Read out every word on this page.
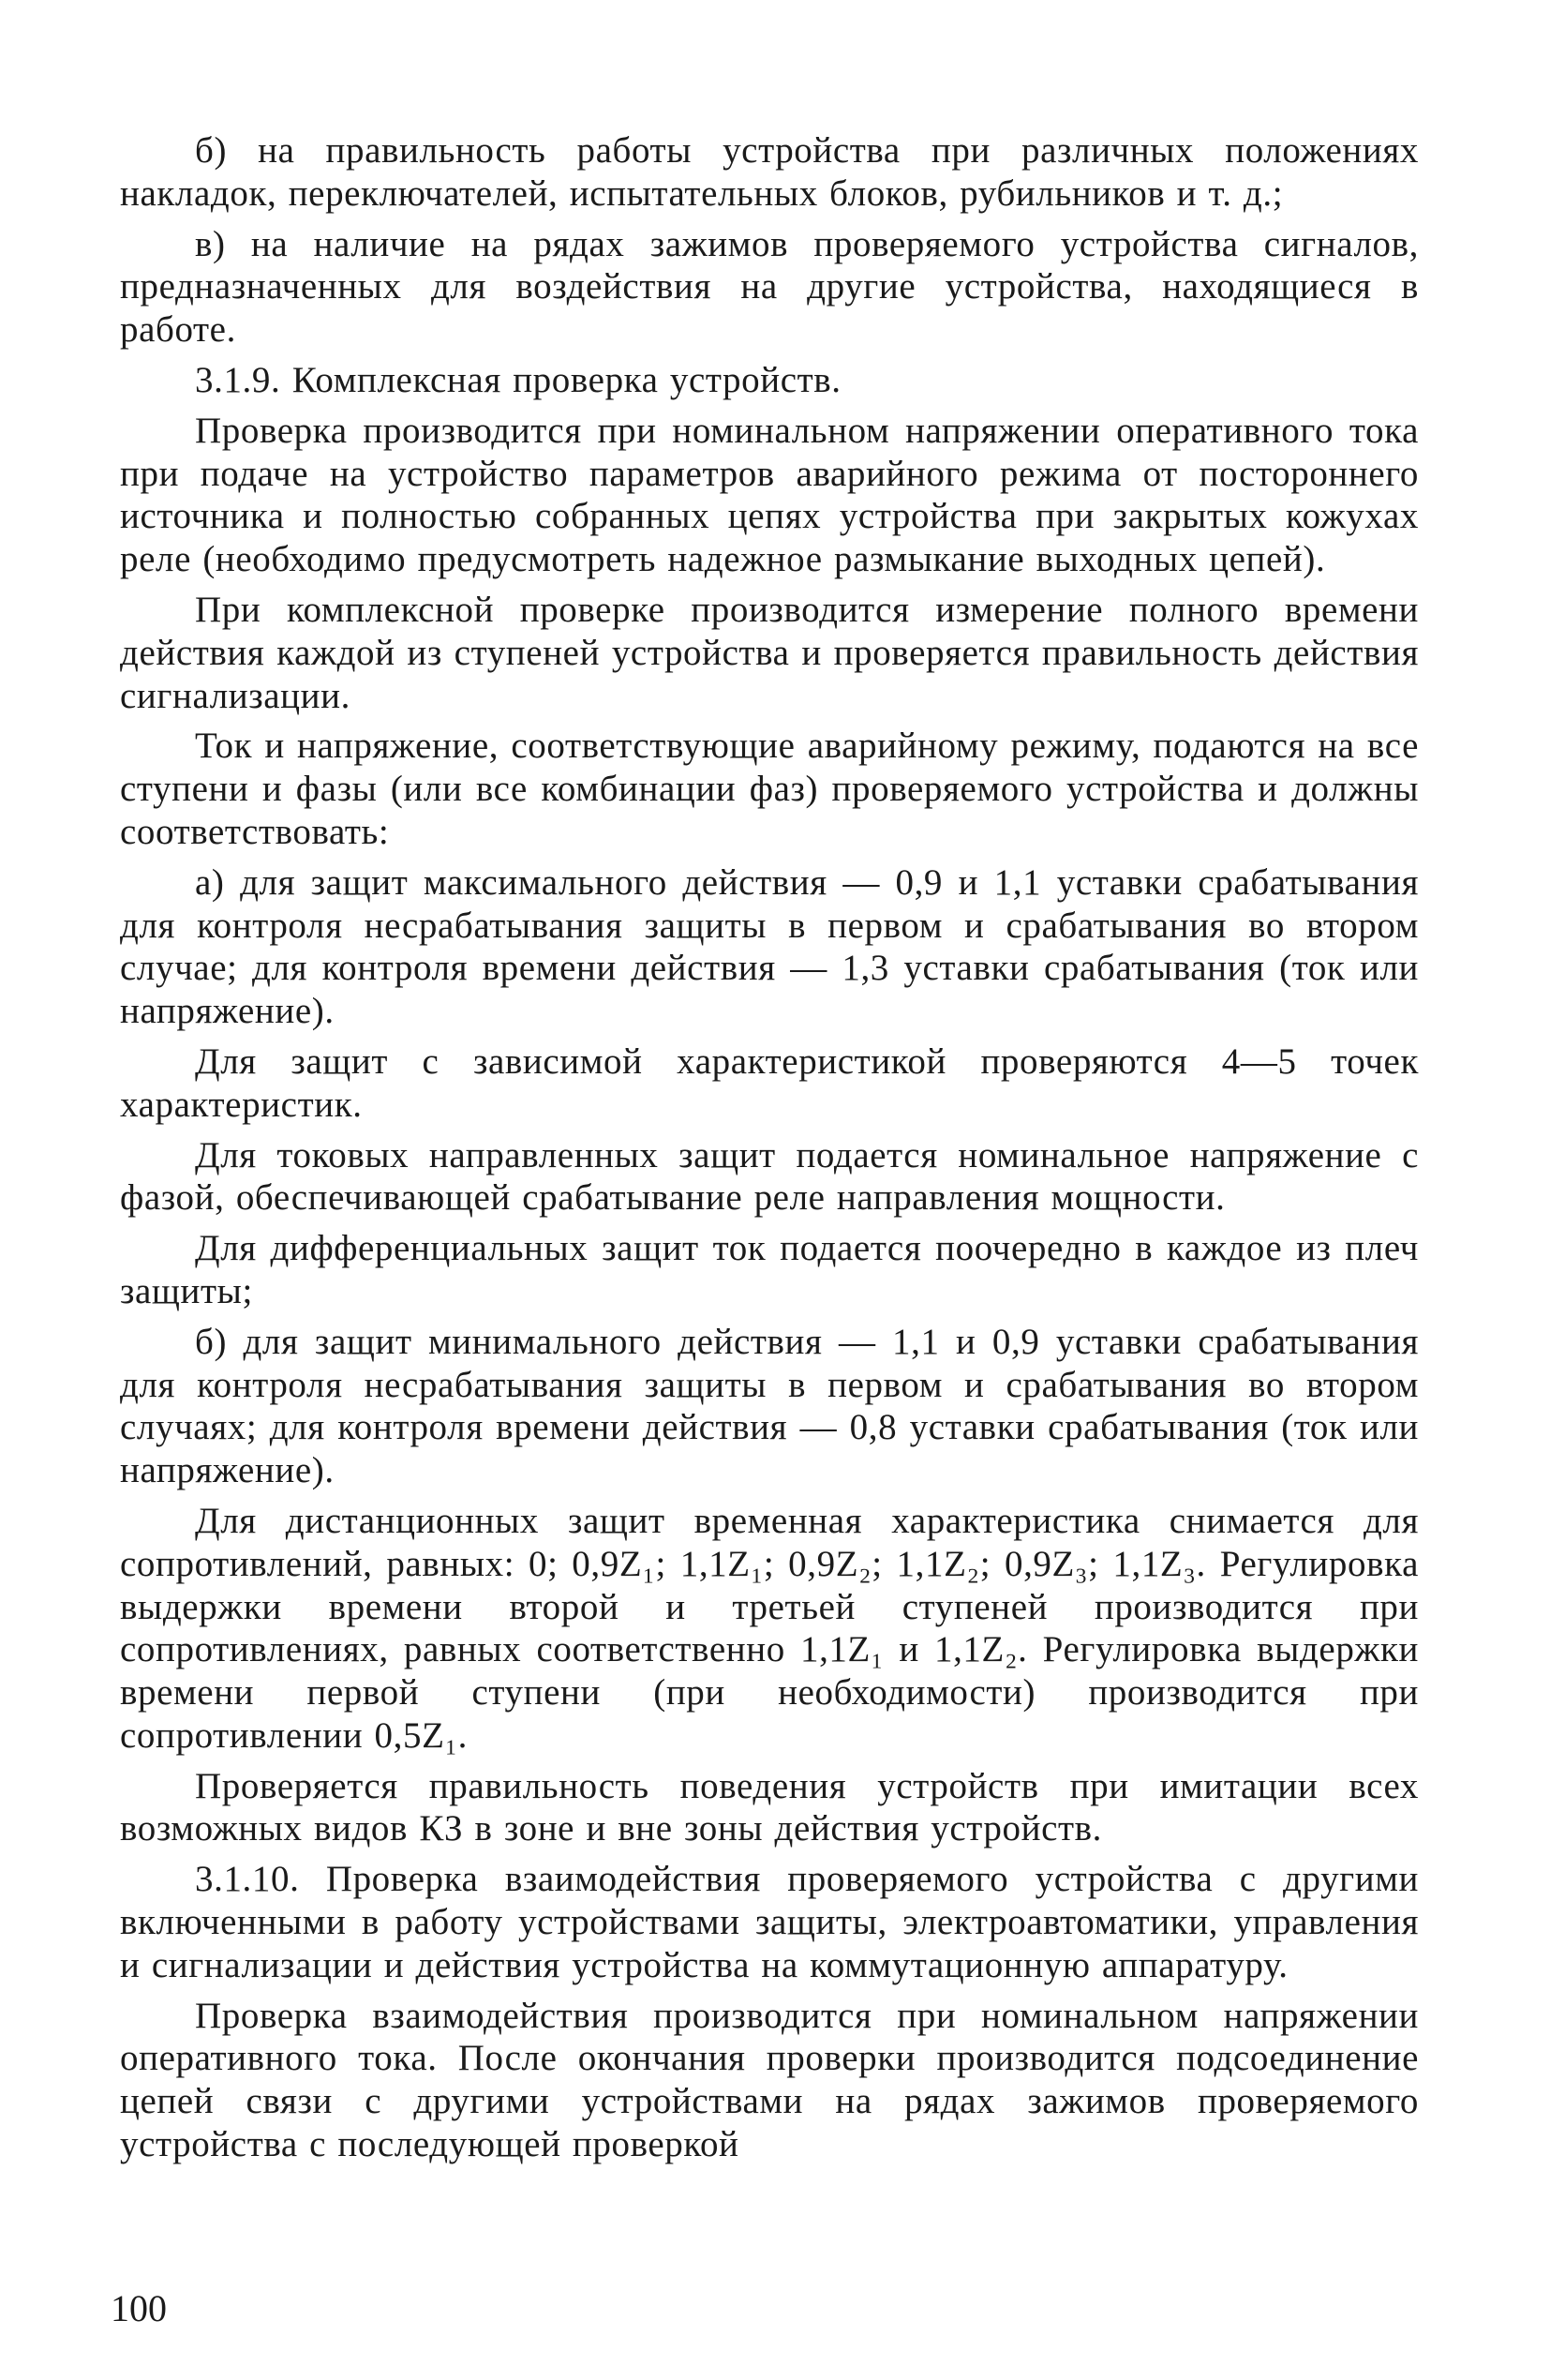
б) на правильность работы устройства при различных положениях накладок, переключателей, испытательных блоков, рубильников и т. д.;

в) на наличие на рядах зажимов проверяемого устройства сигналов, предназначенных для воздействия на другие устройства, находящиеся в работе.

3.1.9. Комплексная проверка устройств.

Проверка производится при номинальном напряжении оперативного тока при подаче на устройство параметров аварийного режима от постороннего источника и полностью собранных цепях устройства при закрытых кожухах реле (необходимо предусмотреть надежное размыкание выходных цепей).

При комплексной проверке производится измерение полного времени действия каждой из ступеней устройства и проверяется правильность действия сигнализации.

Ток и напряжение, соответствующие аварийному режиму, подаются на все ступени и фазы (или все комбинации фаз) проверяемого устройства и должны соответствовать:

а) для защит максимального действия — 0,9 и 1,1 уставки срабатывания для контроля несрабатывания защиты в первом и срабатывания во втором случае; для контроля времени действия — 1,3 уставки срабатывания (ток или напряжение).

Для защит с зависимой характеристикой проверяются 4—5 точек характеристик.

Для токовых направленных защит подается номинальное напряжение с фазой, обеспечивающей срабатывание реле направления мощности.

Для дифференциальных защит ток подается поочередно в каждое из плеч защиты;

б) для защит минимального действия — 1,1 и 0,9 уставки срабатывания для контроля несрабатывания защиты в первом и срабатывания во втором случаях; для контроля времени действия — 0,8 уставки срабатывания (ток или напряжение).

Для дистанционных защит временная характеристика снимается для сопротивлений, равных: 0; 0,9Z₁; 1,1Z₁; 0,9Z₂; 1,1Z₂; 0,9Z₃; 1,1Z₃. Регулировка выдержки времени второй и третьей ступеней производится при сопротивлениях, равных соответственно 1,1Z₁ и 1,1Z₂. Регулировка выдержки времени первой ступени (при необходимости) производится при сопротивлении 0,5Z₁.

Проверяется правильность поведения устройств при имитации всех возможных видов КЗ в зоне и вне зоны действия устройств.

3.1.10. Проверка взаимодействия проверяемого устройства с другими включенными в работу устройствами защиты, электроавтоматики, управления и сигнализации и действия устройства на коммутационную аппаратуру.

Проверка взаимодействия производится при номинальном напряжении оперативного тока. После окончания проверки производится подсоединение цепей связи с другими устройствами на рядах зажимов проверяемого устройства с последующей проверкой

100
